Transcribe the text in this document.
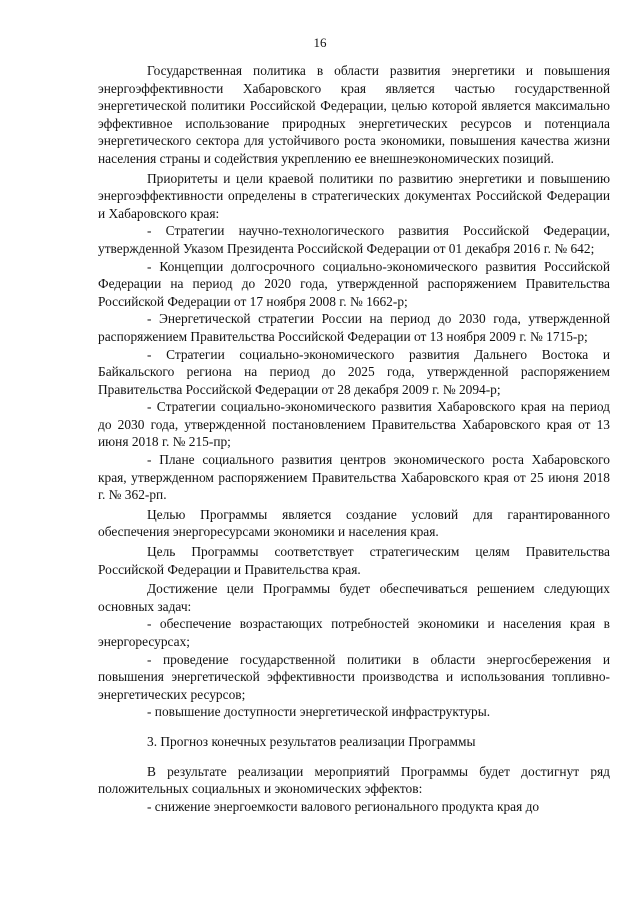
16

Государственная политика в области развития энергетики и повышения энергоэффективности Хабаровского края является частью государственной энергетической политики Российской Федерации, целью которой является максимально эффективное использование природных энергетических ресурсов и потенциала энергетического сектора для устойчивого роста экономики, повышения качества жизни населения страны и содействия укреплению ее внешнеэкономических позиций.

Приоритеты и цели краевой политики по развитию энергетики и повышению энергоэффективности определены в стратегических документах Российской Федерации и Хабаровского края:

- Стратегии научно-технологического развития Российской Федерации, утвержденной Указом Президента Российской Федерации от 01 декабря 2016 г. № 642;

- Концепции долгосрочного социально-экономического развития Российской Федерации на период до 2020 года, утвержденной распоряжением Правительства Российской Федерации от 17 ноября 2008 г. № 1662-р;

- Энергетической стратегии России на период до 2030 года, утвержденной распоряжением Правительства Российской Федерации от 13 ноября 2009 г. № 1715-р;

- Стратегии социально-экономического развития Дальнего Востока и Байкальского региона на период до 2025 года, утвержденной распоряжением Правительства Российской Федерации от 28 декабря 2009 г. № 2094-р;

- Стратегии социально-экономического развития Хабаровского края на период до 2030 года, утвержденной постановлением Правительства Хабаровского края от 13 июня 2018 г. № 215-пр;

- Плане социального развития центров экономического роста Хабаровского края, утвержденном распоряжением Правительства Хабаровского края от 25 июня 2018 г. № 362-рп.

Целью Программы является создание условий для гарантированного обеспечения энергоресурсами экономики и населения края.

Цель Программы соответствует стратегическим целям Правительства Российской Федерации и Правительства края.

Достижение цели Программы будет обеспечиваться решением следующих основных задач:

- обеспечение возрастающих потребностей экономики и населения края в энергоресурсах;

- проведение государственной политики в области энергосбережения и повышения энергетической эффективности производства и использования топливно-энергетических ресурсов;

- повышение доступности энергетической инфраструктуры.

3. Прогноз конечных результатов реализации Программы

В результате реализации мероприятий Программы будет достигнут ряд положительных социальных и экономических эффектов:

- снижение энергоемкости валового регионального продукта края до
